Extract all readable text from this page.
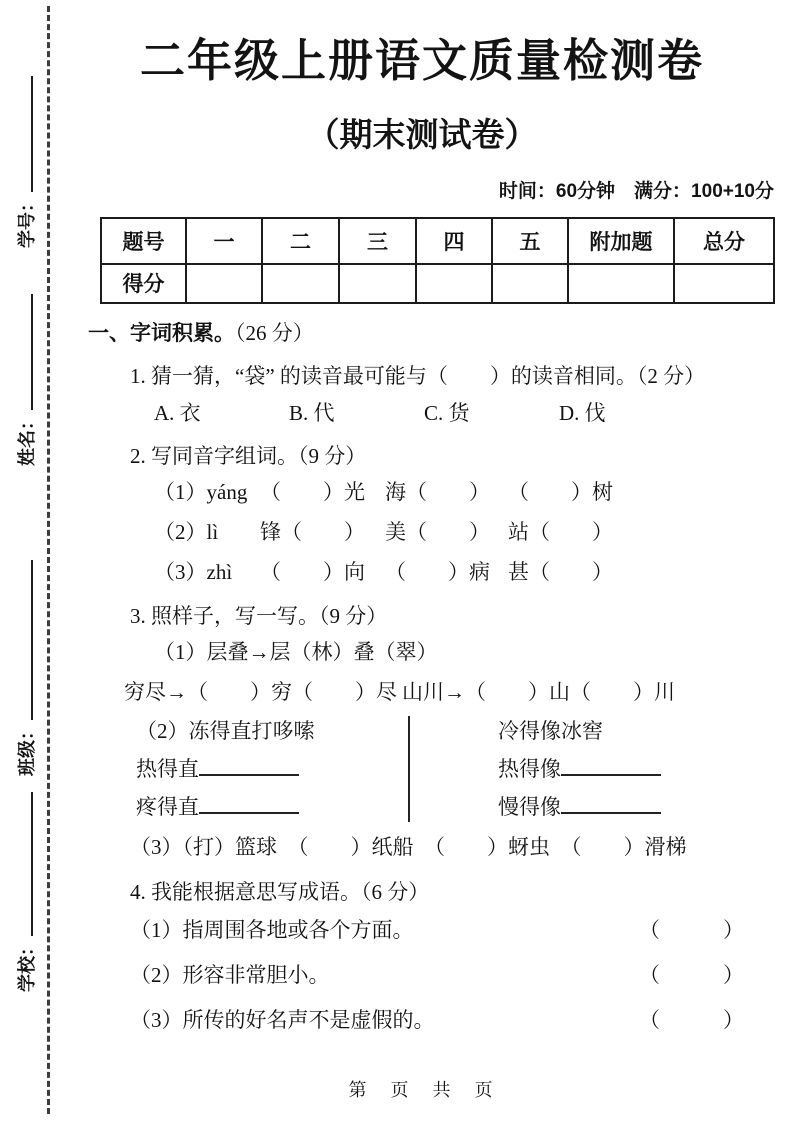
学号：
姓名：
班级：
学校：
二年级上册语文质量检测卷
（期末测试卷）
时间：60分钟　满分：100+10分
题号	一	二	三	四	五	附加题	总分
得分							
一、字词积累。（26 分）
1. 猜一猜，“袋” 的读音最可能与（　　）的读音相同。（2 分）
A. 衣	B. 代	C. 货	D. 伐
2. 写同音字组词。（9 分）
（1）yáng （　　）光 海（　　） （　　）树
（2）lì	锋（　　） 美（　　） 站（　　）
（3）zhì	（　　）向 （　　）病 甚（　　）
3. 照样子，写一写。（9 分）
（1）层叠→层（林）叠（翠）
穷尽→（　　）穷（　　）尽 山川→（　　）山（　　）川
（2）冻得直打哆嗦
热得直
疼得直
冷得像冰窖
热得像
慢得像
（3）（打）篮球　（　　）纸船　（　　）蚜虫　（　　）滑梯
4. 我能根据意思写成语。（6 分）
（1）指周围各地或各个方面。	（　　　）
（2）形容非常胆小。	（　　　）
（3）所传的好名声不是虚假的。	（　　　）
第　页　共　页
